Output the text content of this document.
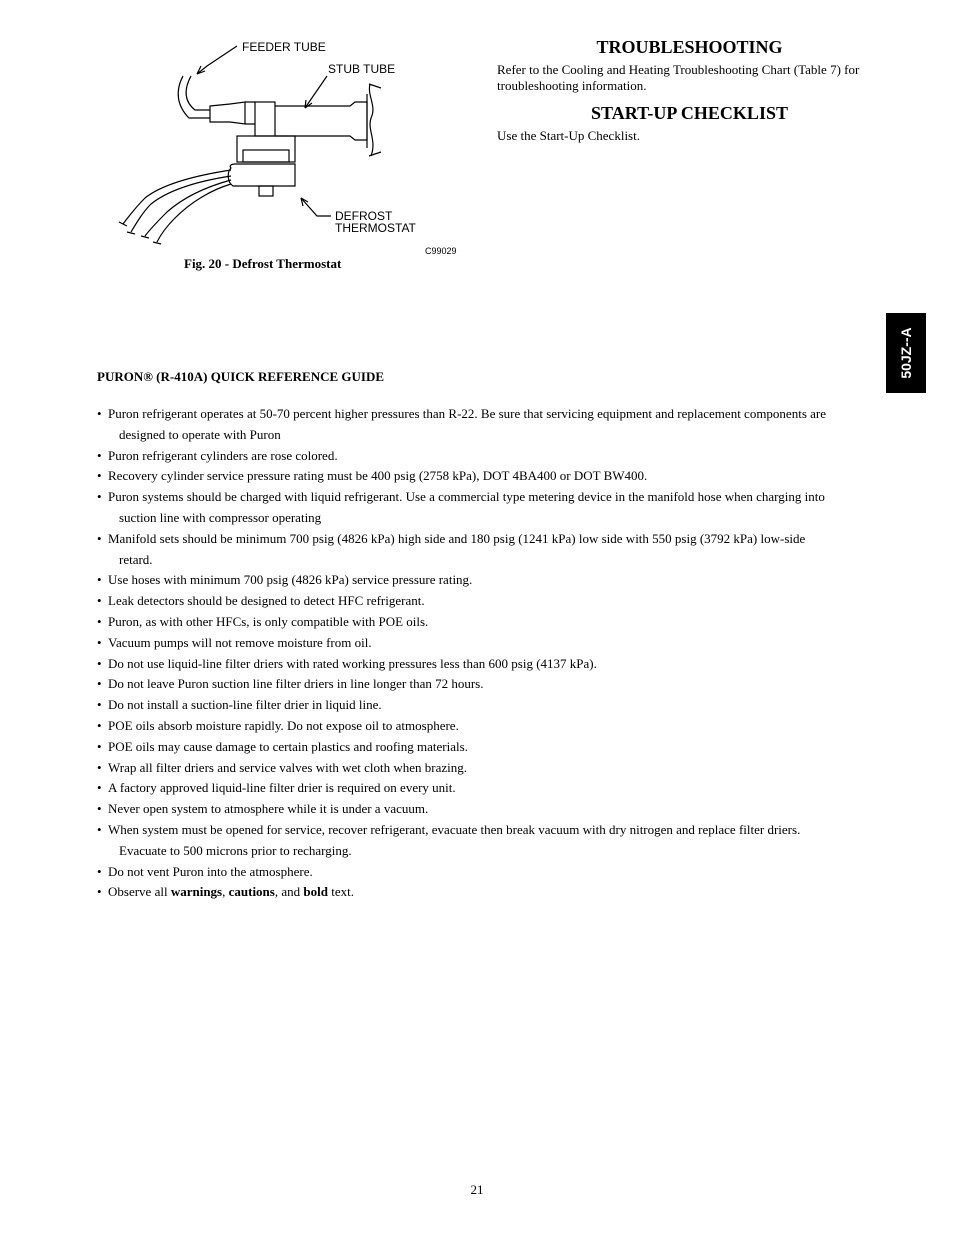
FEEDER TUBE
STUB TUBE
DEFROST
THERMOSTAT
C99029
Fig. 20 - Defrost Thermostat
TROUBLESHOOTING

Refer to the Cooling and Heating Troubleshooting Chart (Table 7) for troubleshooting information.

START-UP CHECKLIST

Use the Start-Up Checklist.

50JZ--A
PURON® (R-410A) QUICK REFERENCE GUIDE
• Puron refrigerant operates at 50-70 percent higher pressures than R-22. Be sure that servicing equipment and replacement components are designed to operate with Puron
• Puron refrigerant cylinders are rose colored.
• Recovery cylinder service pressure rating must be 400 psig (2758 kPa), DOT 4BA400 or DOT BW400.
• Puron systems should be charged with liquid refrigerant. Use a commercial type metering device in the manifold hose when charging into suction line with compressor operating
• Manifold sets should be minimum 700 psig (4826 kPa) high side and 180 psig (1241 kPa) low side with 550 psig (3792 kPa) low-side retard.
• Use hoses with minimum 700 psig (4826 kPa) service pressure rating.
• Leak detectors should be designed to detect HFC refrigerant.
• Puron, as with other HFCs, is only compatible with POE oils.
• Vacuum pumps will not remove moisture from oil.
• Do not use liquid-line filter driers with rated working pressures less than 600 psig (4137 kPa).
• Do not leave Puron suction line filter driers in line longer than 72 hours.
• Do not install a suction-line filter drier in liquid line.
• POE oils absorb moisture rapidly. Do not expose oil to atmosphere.
• POE oils may cause damage to certain plastics and roofing materials.
• Wrap all filter driers and service valves with wet cloth when brazing.
• A factory approved liquid-line filter drier is required on every unit.
• Never open system to atmosphere while it is under a vacuum.
• When system must be opened for service, recover refrigerant, evacuate then break vacuum with dry nitrogen and replace filter driers. Evacuate to 500 microns prior to recharging.
• Do not vent Puron into the atmosphere.
• Observe all warnings, cautions, and bold text.
21
